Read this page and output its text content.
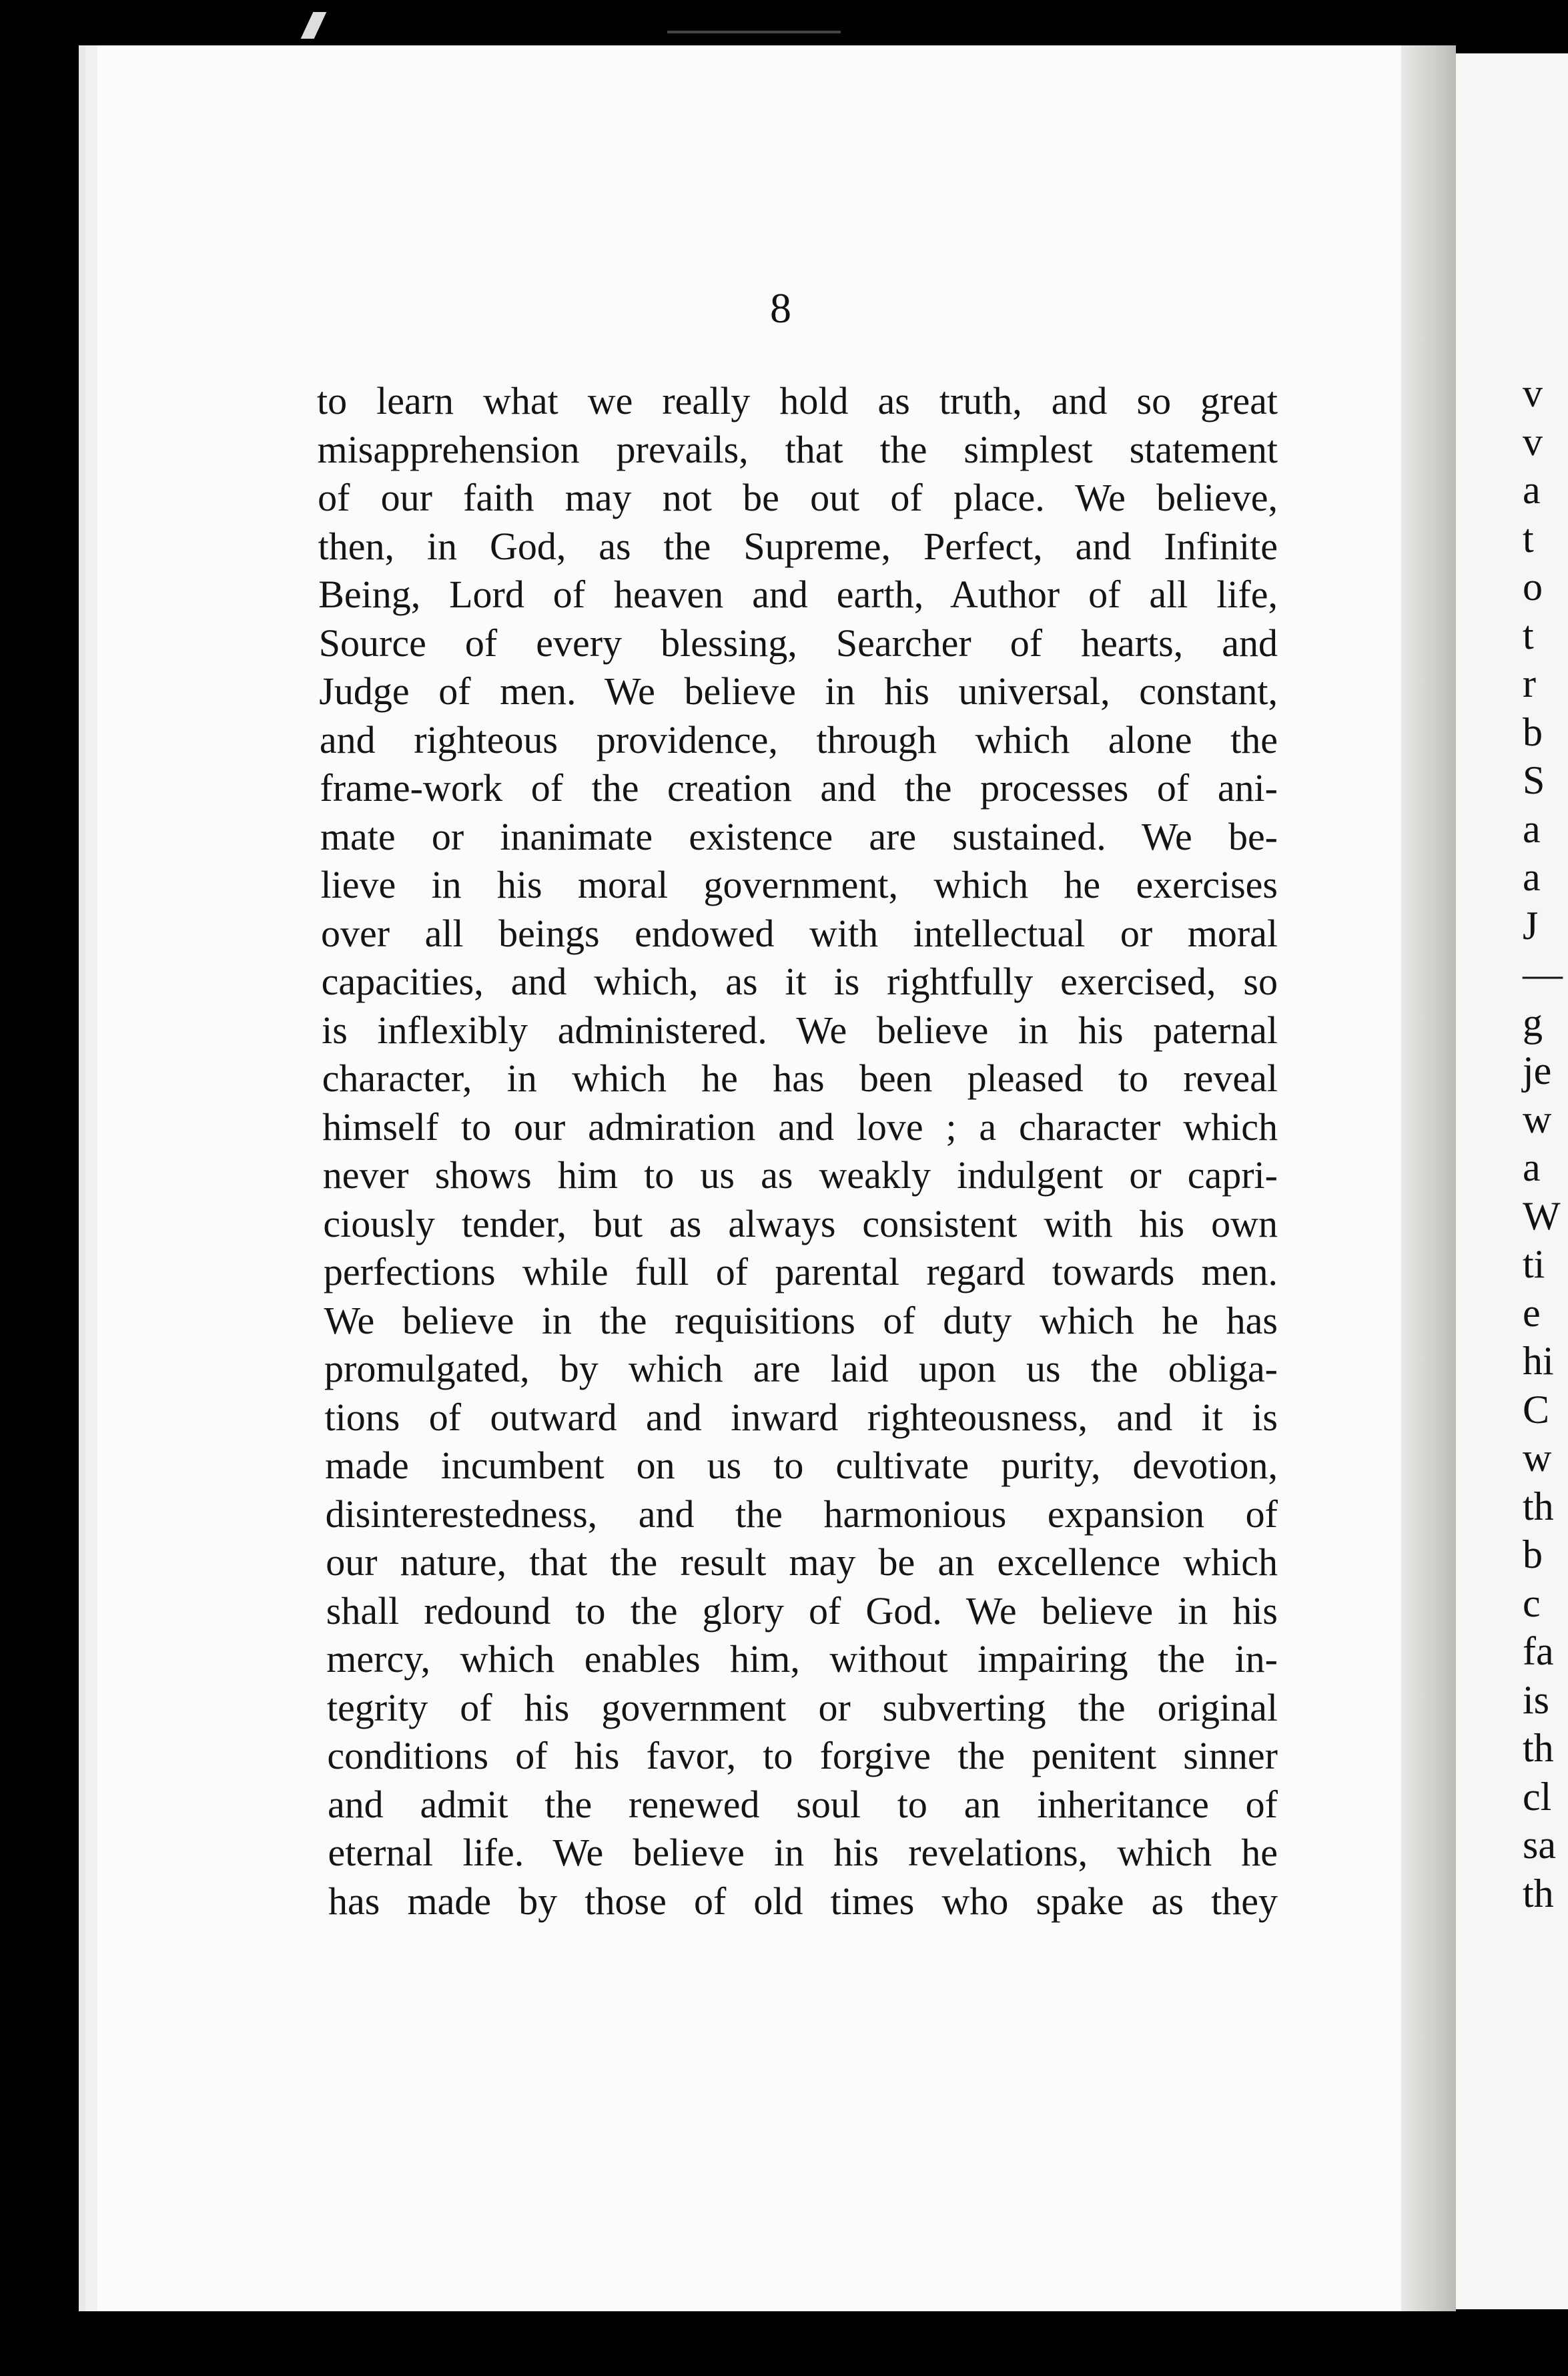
v
v
a
t
o
t
r
b
S
a
a
J
—
g
je
w
a
W
ti
e
hi
C
w
th
b
c
fa
is
th
cl
sa
th
8
to learn what we really hold as truth, and so great
misapprehension prevails, that the simplest statement
of our faith may not be out of place. We believe,
then, in God, as the Supreme, Perfect, and Infinite
Being, Lord of heaven and earth, Author of all life,
Source of every blessing, Searcher of hearts, and
Judge of men. We believe in his universal, constant,
and righteous providence, through which alone the
frame-work of the creation and the processes of ani-
mate or inanimate existence are sustained. We be-
lieve in his moral government, which he exercises
over all beings endowed with intellectual or moral
capacities, and which, as it is rightfully exercised, so
is inflexibly administered. We believe in his paternal
character, in which he has been pleased to reveal
himself to our admiration and love ; a character which
never shows him to us as weakly indulgent or capri-
ciously tender, but as always consistent with his own
perfections while full of parental regard towards men.
We believe in the requisitions of duty which he has
promulgated, by which are laid upon us the obliga-
tions of outward and inward righteousness, and it is
made incumbent on us to cultivate purity, devotion,
disinterestedness, and the harmonious expansion of
our nature, that the result may be an excellence which
shall redound to the glory of God. We believe in his
mercy, which enables him, without impairing the in-
tegrity of his government or subverting the original
conditions of his favor, to forgive the penitent sinner
and admit the renewed soul to an inheritance of
eternal life. We believe in his revelations, which he
has made by those of old times who spake as they
